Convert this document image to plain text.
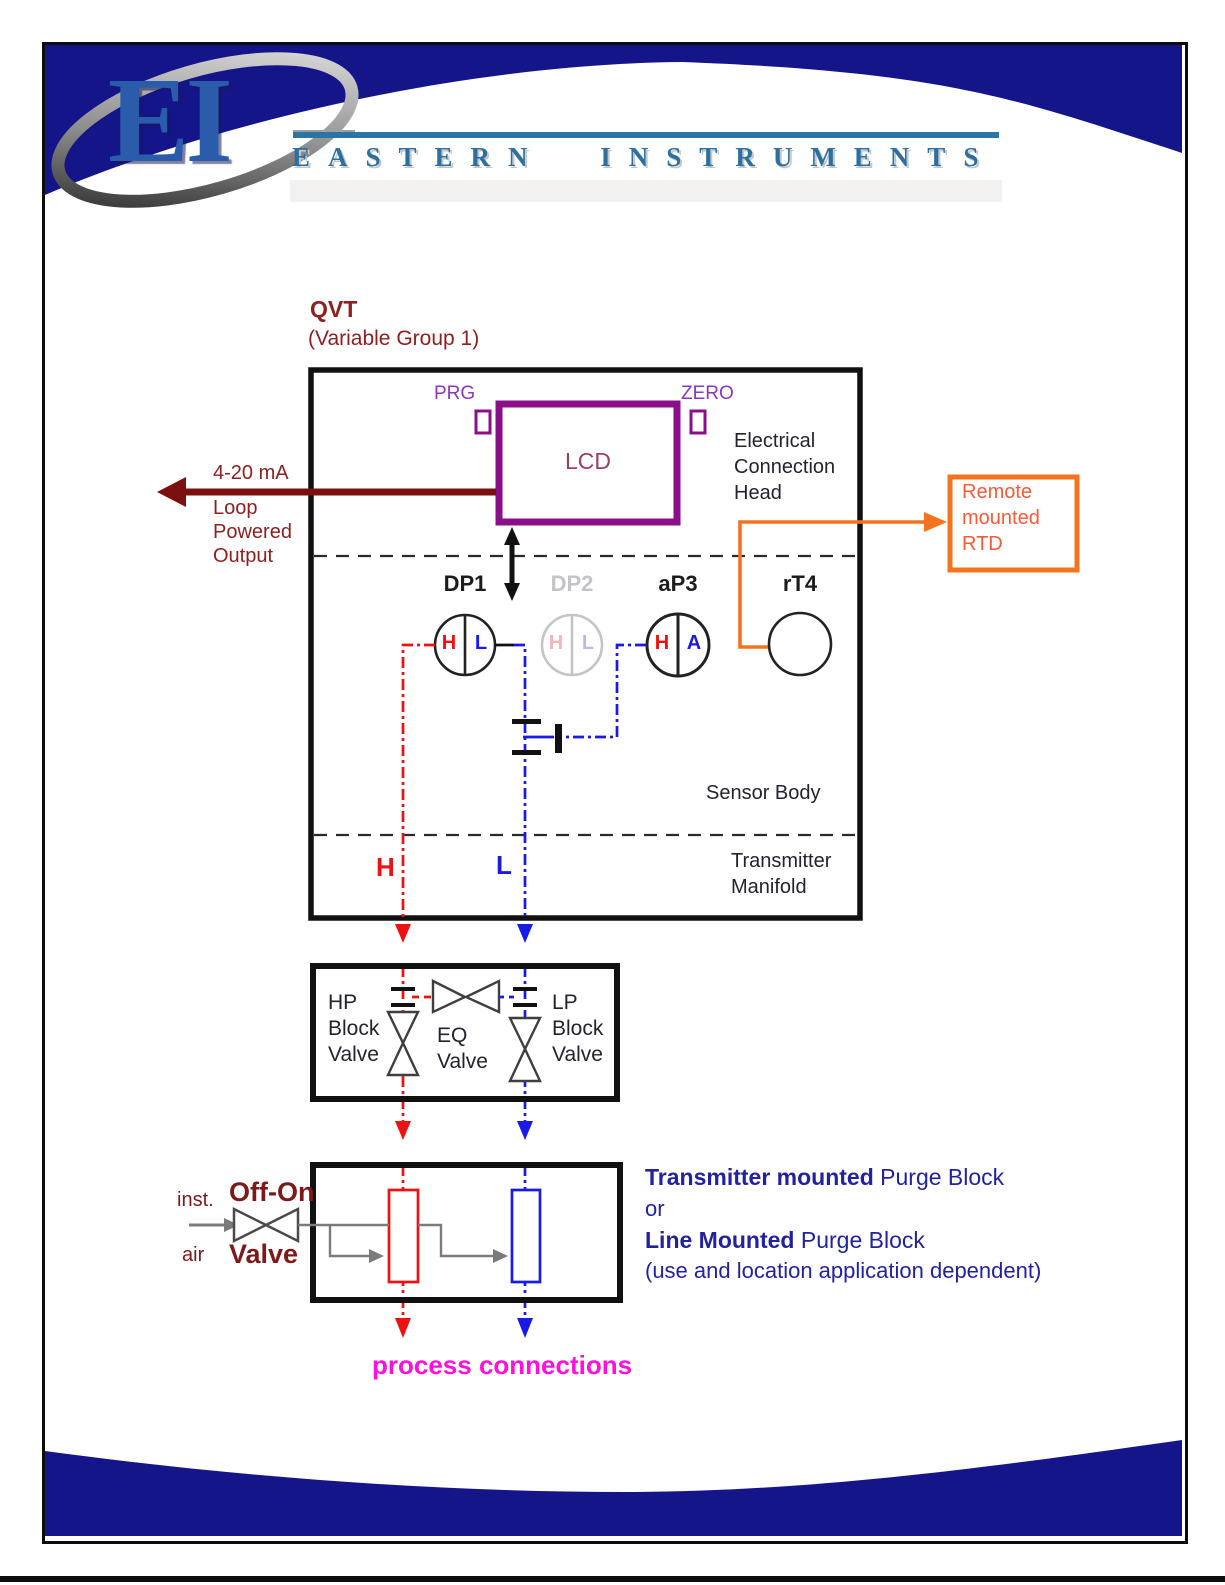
EI EASTERN INSTRUMENTS
QVT
(Variable Group 1)
PRG	ZERO
LCD
Electrical
Connection
Head
4-20 mA
Loop
Powered
Output
Remote
mounted
RTD
DP1	DP2	aP3	rT4
H L	H L	H A
Sensor Body
Transmitter
Manifold
H	L
HP
Block
Valve
EQ
Valve
LP
Block
Valve
inst.
air
Off-On
Valve
Transmitter mounted Purge Block
or
Line Mounted Purge Block
(use and location application dependent)
process connections
